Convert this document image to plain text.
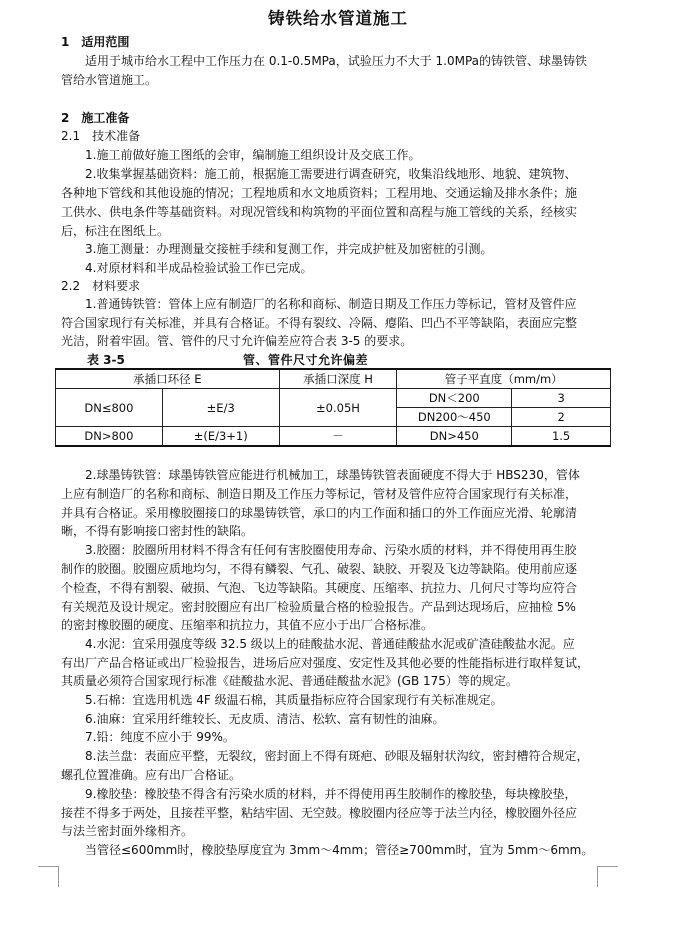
铸铁给水管道施工
1　适用范围
适用于城市给水工程中工作压力在 0.1-0.5MPa，试验压力不大于 1.0MPa的铸铁管、球墨铸铁
管给水管道施工。
2　施工准备
2.1　技术准备
1.施工前做好施工图纸的会审，编制施工组织设计及交底工作。
2.收集掌握基础资料：施工前，根据施工需要进行调查研究，收集沿线地形、地貌、建筑物、
各种地下管线和其他设施的情况；工程地质和水文地质资料；工程用地、交通运输及排水条件；施
工供水、供电条件等基础资料。对现况管线和构筑物的平面位置和高程与施工管线的关系，经核实
后，标注在图纸上。
3.施工测量：办理测量交接桩手续和复测工作，并完成护桩及加密桩的引测。
4.对原材料和半成品检验试验工作已完成。
2.2　材料要求
1.普通铸铁管：管体上应有制造厂的名称和商标、制造日期及工作压力等标记，管材及管件应
符合国家现行有关标准，并具有合格证。不得有裂纹、冷隔、瘪陷、凹凸不平等缺陷，表面应完整
光洁，附着牢固。管、管件的尺寸允许偏差应符合表 3-5 的要求。
表 3-5	管、管件尺寸允许偏差
承插口环径 E		承插口深度 H	管子平直度（mm/m）	
DN≤800	±E/3	±0.05H	DN＜200	3
			DN200～450	2
DN>800	±(E/3+1)	－	DN>450	1.5
2.球墨铸铁管：球墨铸铁管应能进行机械加工，球墨铸铁管表面硬度不得大于 HBS230，管体
上应有制造厂的名称和商标、制造日期及工作压力等标记，管材及管件应符合国家现行有关标准，
并具有合格证。采用橡胶圈接口的球墨铸铁管，承口的内工作面和插口的外工作面应光滑、轮廓清
晰，不得有影响接口密封性的缺陷。
3.胶圈：胶圈所用材料不得含有任何有害胶圈使用寿命、污染水质的材料，并不得使用再生胶
制作的胶圈。胶圈应质地均匀，不得有鳞裂、气孔、破裂、缺胶、开裂及飞边等缺陷。使用前应逐
个检查，不得有割裂、破损、气泡、飞边等缺陷。其硬度、压缩率、抗拉力、几何尺寸等均应符合
有关规范及设计规定。密封胶圈应有出厂检验质量合格的检验报告。产品到达现场后，应抽检 5%
的密封橡胶圈的硬度、压缩率和抗拉力，其值不应小于出厂合格标准。
4.水泥：宜采用强度等级 32.5 级以上的硅酸盐水泥、普通硅酸盐水泥或矿渣硅酸盐水泥。应
有出厂产品合格证或出厂检验报告，进场后应对强度、安定性及其他必要的性能指标进行取样复试，
其质量必须符合国家现行标准《硅酸盐水泥、普通硅酸盐水泥》(GB 175）等的规定。
5.石棉：宜选用机选 4F 级温石棉，其质量指标应符合国家现行有关标准规定。
6.油麻：宜采用纤维较长、无皮质、清洁、松软、富有韧性的油麻。
7.铅：纯度不应小于 99%。
8.法兰盘：表面应平整，无裂纹，密封面上不得有斑疤、砂眼及辐射状沟纹，密封槽符合规定，
螺孔位置准确。应有出厂合格证。
9.橡胶垫：橡胶垫不得含有污染水质的材料，并不得使用再生胶制作的橡胶垫，每块橡胶垫，
接茬不得多于两处，且接茬平整，粘结牢固、无空鼓。橡胶圈内径应等于法兰内径，橡胶圈外径应
与法兰密封面外缘相齐。
当管径≤600mm时，橡胶垫厚度宜为 3mm～4mm；管径≥700mm时，宜为 5mm～6mm。
